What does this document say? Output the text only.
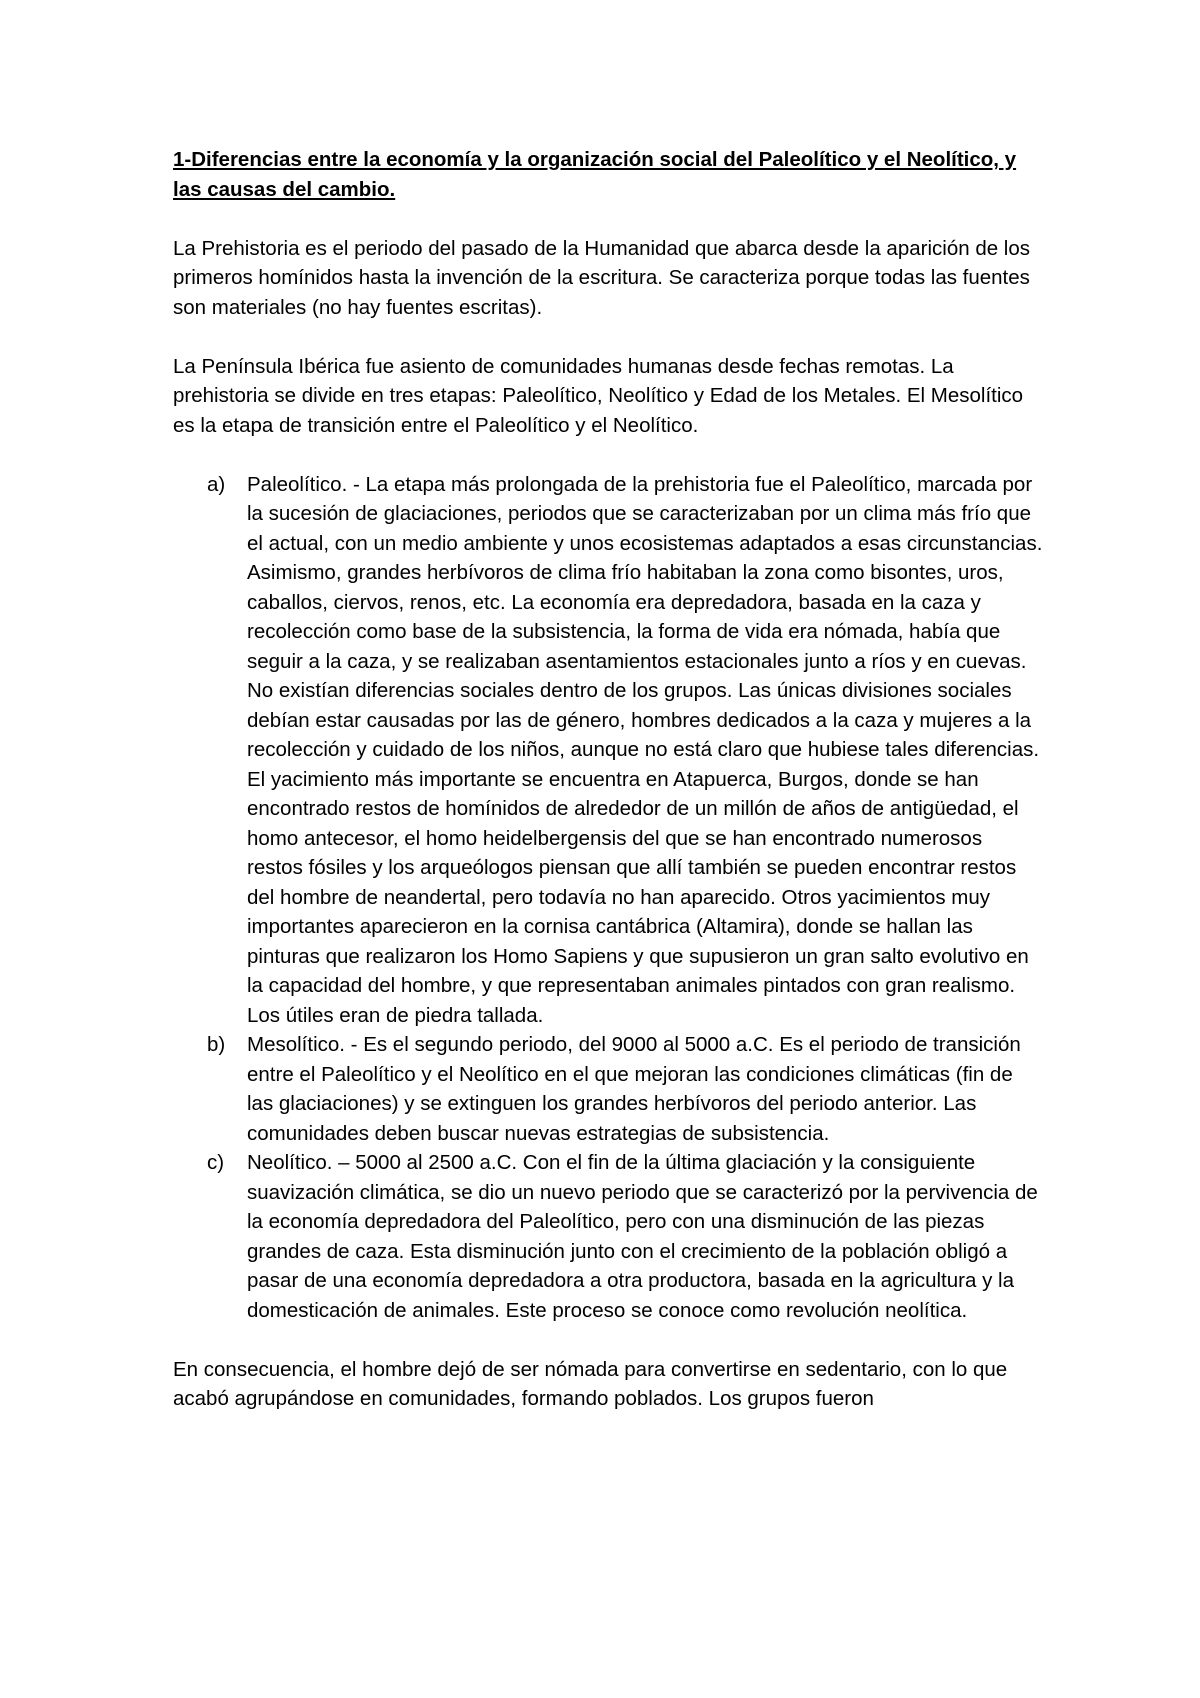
1-Diferencias entre la economía y la organización social del Paleolítico y el Neolítico, y las causas del cambio.

La Prehistoria es el periodo del pasado de la Humanidad que abarca desde la aparición de los primeros homínidos hasta la invención de la escritura. Se caracteriza porque todas las fuentes son materiales (no hay fuentes escritas).

La Península Ibérica fue asiento de comunidades humanas desde fechas remotas. La prehistoria se divide en tres etapas: Paleolítico, Neolítico y Edad de los Metales. El Mesolítico es la etapa de transición entre el Paleolítico y el Neolítico.

a) Paleolítico. - La etapa más prolongada de la prehistoria fue el Paleolítico, marcada por la sucesión de glaciaciones, periodos que se caracterizaban por un clima más frío que el actual, con un medio ambiente y unos ecosistemas adaptados a esas circunstancias. Asimismo, grandes herbívoros de clima frío habitaban la zona como bisontes, uros, caballos, ciervos, renos, etc. La economía era depredadora, basada en la caza y recolección como base de la subsistencia, la forma de vida era nómada, había que seguir a la caza, y se realizaban asentamientos estacionales junto a ríos y en cuevas. No existían diferencias sociales dentro de los grupos. Las únicas divisiones sociales debían estar causadas por las de género, hombres dedicados a la caza y mujeres a la recolección y cuidado de los niños, aunque no está claro que hubiese tales diferencias. El yacimiento más importante se encuentra en Atapuerca, Burgos, donde se han encontrado restos de homínidos de alrededor de un millón de años de antigüedad, el homo antecesor, el homo heidelbergensis del que se han encontrado numerosos restos fósiles y los arqueólogos piensan que allí también se pueden encontrar restos del hombre de neandertal, pero todavía no han aparecido. Otros yacimientos muy importantes aparecieron en la cornisa cantábrica (Altamira), donde se hallan las pinturas que realizaron los Homo Sapiens y que supusieron un gran salto evolutivo en la capacidad del hombre, y que representaban animales pintados con gran realismo. Los útiles eran de piedra tallada.
b) Mesolítico. - Es el segundo periodo, del 9000 al 5000 a.C. Es el periodo de transición entre el Paleolítico y el Neolítico en el que mejoran las condiciones climáticas (fin de las glaciaciones) y se extinguen los grandes herbívoros del periodo anterior. Las comunidades deben buscar nuevas estrategias de subsistencia.
c) Neolítico. – 5000 al 2500 a.C. Con el fin de la última glaciación y la consiguiente suavización climática, se dio un nuevo periodo que se caracterizó por la pervivencia de la economía depredadora del Paleolítico, pero con una disminución de las piezas grandes de caza. Esta disminución junto con el crecimiento de la población obligó a pasar de una economía depredadora a otra productora, basada en la agricultura y la domesticación de animales. Este proceso se conoce como revolución neolítica.

En consecuencia, el hombre dejó de ser nómada para convertirse en sedentario, con lo que acabó agrupándose en comunidades, formando poblados. Los grupos fueron
